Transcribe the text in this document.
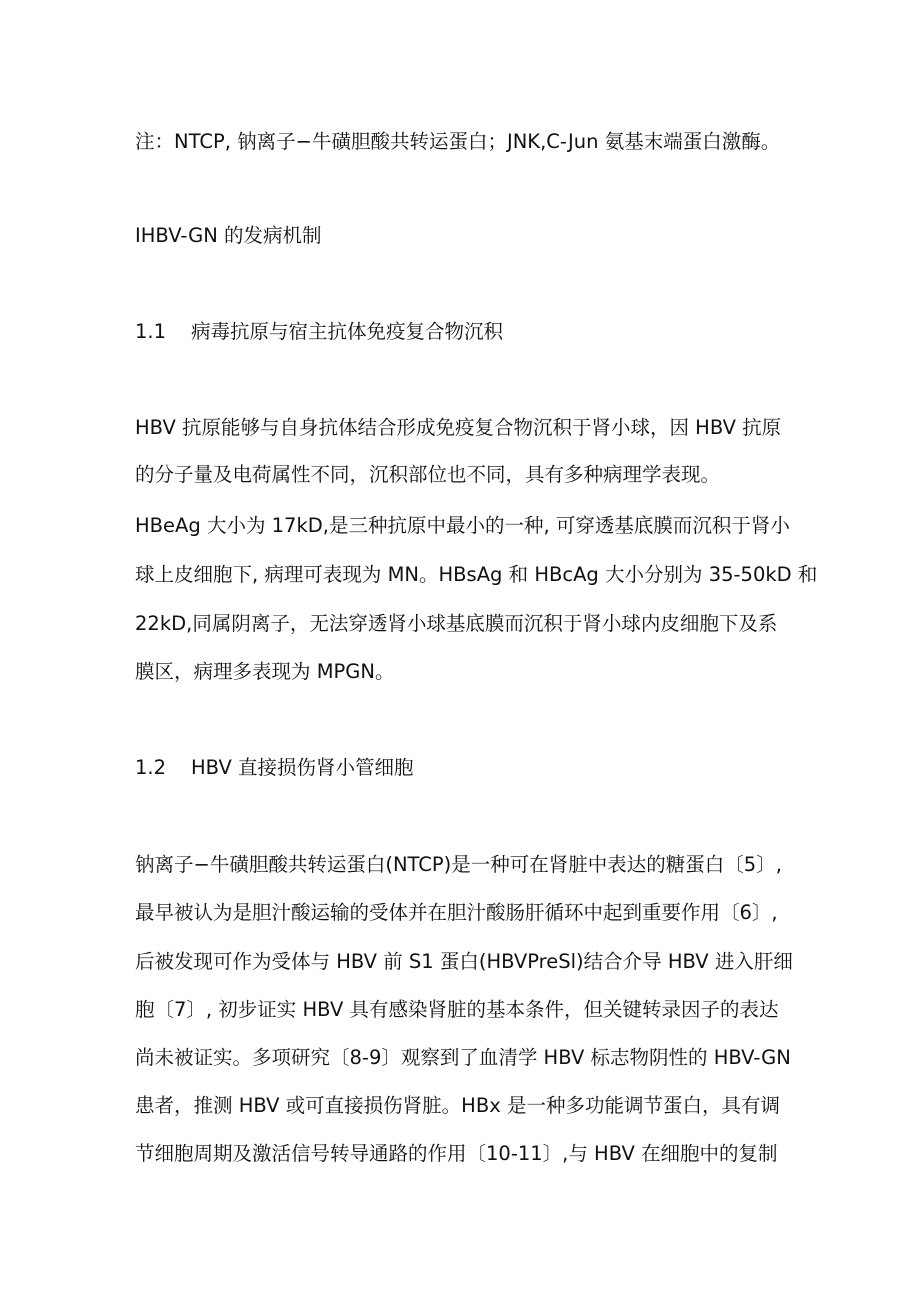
注：NTCP, 钠离子−牛磺胆酸共转运蛋白；JNK,C-Jun 氨基末端蛋白激酶。

IHBV-GN 的发病机制

1.1 病毒抗原与宿主抗体免疫复合物沉积

HBV 抗原能够与自身抗体结合形成免疫复合物沉积于肾小球，因 HBV 抗原

的分子量及电荷属性不同，沉积部位也不同，具有多种病理学表现。

HBeAg 大小为 17kD,是三种抗原中最小的一种, 可穿透基底膜而沉积于肾小

球上皮细胞下, 病理可表现为 MN。HBsAg 和 HBcAg 大小分别为 35-50kD 和

22kD,同属阴离子，无法穿透肾小球基底膜而沉积于肾小球内皮细胞下及系

膜区，病理多表现为 MPGN。

1.2 HBV 直接损伤肾小管细胞

钠离子−牛磺胆酸共转运蛋白(NTCP)是一种可在肾脏中表达的糖蛋白〔5〕,

最早被认为是胆汁酸运输的受体并在胆汁酸肠肝循环中起到重要作用〔6〕,

后被发现可作为受体与 HBV 前 S1 蛋白(HBVPreSl)结合介导 HBV 进入肝细

胞〔7〕, 初步证实 HBV 具有感染肾脏的基本条件，但关键转录因子的表达

尚未被证实。多项研究〔8-9〕观察到了血清学 HBV 标志物阴性的 HBV-GN

患者，推测 HBV 或可直接损伤肾脏。HBx 是一种多功能调节蛋白，具有调

节细胞周期及激活信号转导通路的作用〔10-11〕,与 HBV 在细胞中的复制
